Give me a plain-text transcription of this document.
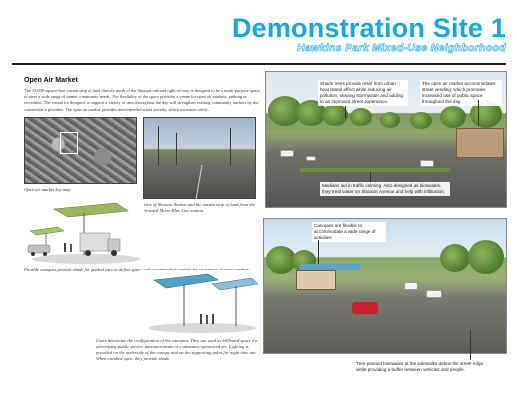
Demonstration Site 1
Hawkins Park Mixed-Use Neighborhood
Open Air Market
The 15,000-square-foot vacant strip of land directly north of the Slauson railroad right-of-way is designed to be a multi-purpose space to meet a wide range of unmet community needs. The flexibility of the space provides a venue for open air markets, parking or recreation. The vacant lot designed to support a variety of uses throughout the day will strengthen existing community anchors by the connection it provides. The open air market provides much-needed street activity, which increases safety.
Open air market key map
View of Slauson Avenue and the vacant strip of land from the elevated Metro Blue Line station.
Flexible canopies provide shade for parked cars or define space and accommodate seating for customers of street vendors.
Users determine the configuration of the canopies. They are used as billboard space for advertising public service announcements or community-sponsored art. Lighting is provided on the underside of the canopy and on the supporting poles for night time use. When cranked open, they provide shade.
Shade trees provide relief from urban heat island effect while reducing air pollution, slowing stormwater and adding to an improved street experience.
The open air market accommodates street vending, which promotes increased use of public space throughout the day.
Medians aid in traffic calming. Also designed as bioswales, they treat water on Slauson Avenue and help with infiltration.
Canopies are flexible to accommodate a wide range of activities
Tree-planted bioswales at the sidewalks define the street edge while providing a buffer between vehicles and people.
